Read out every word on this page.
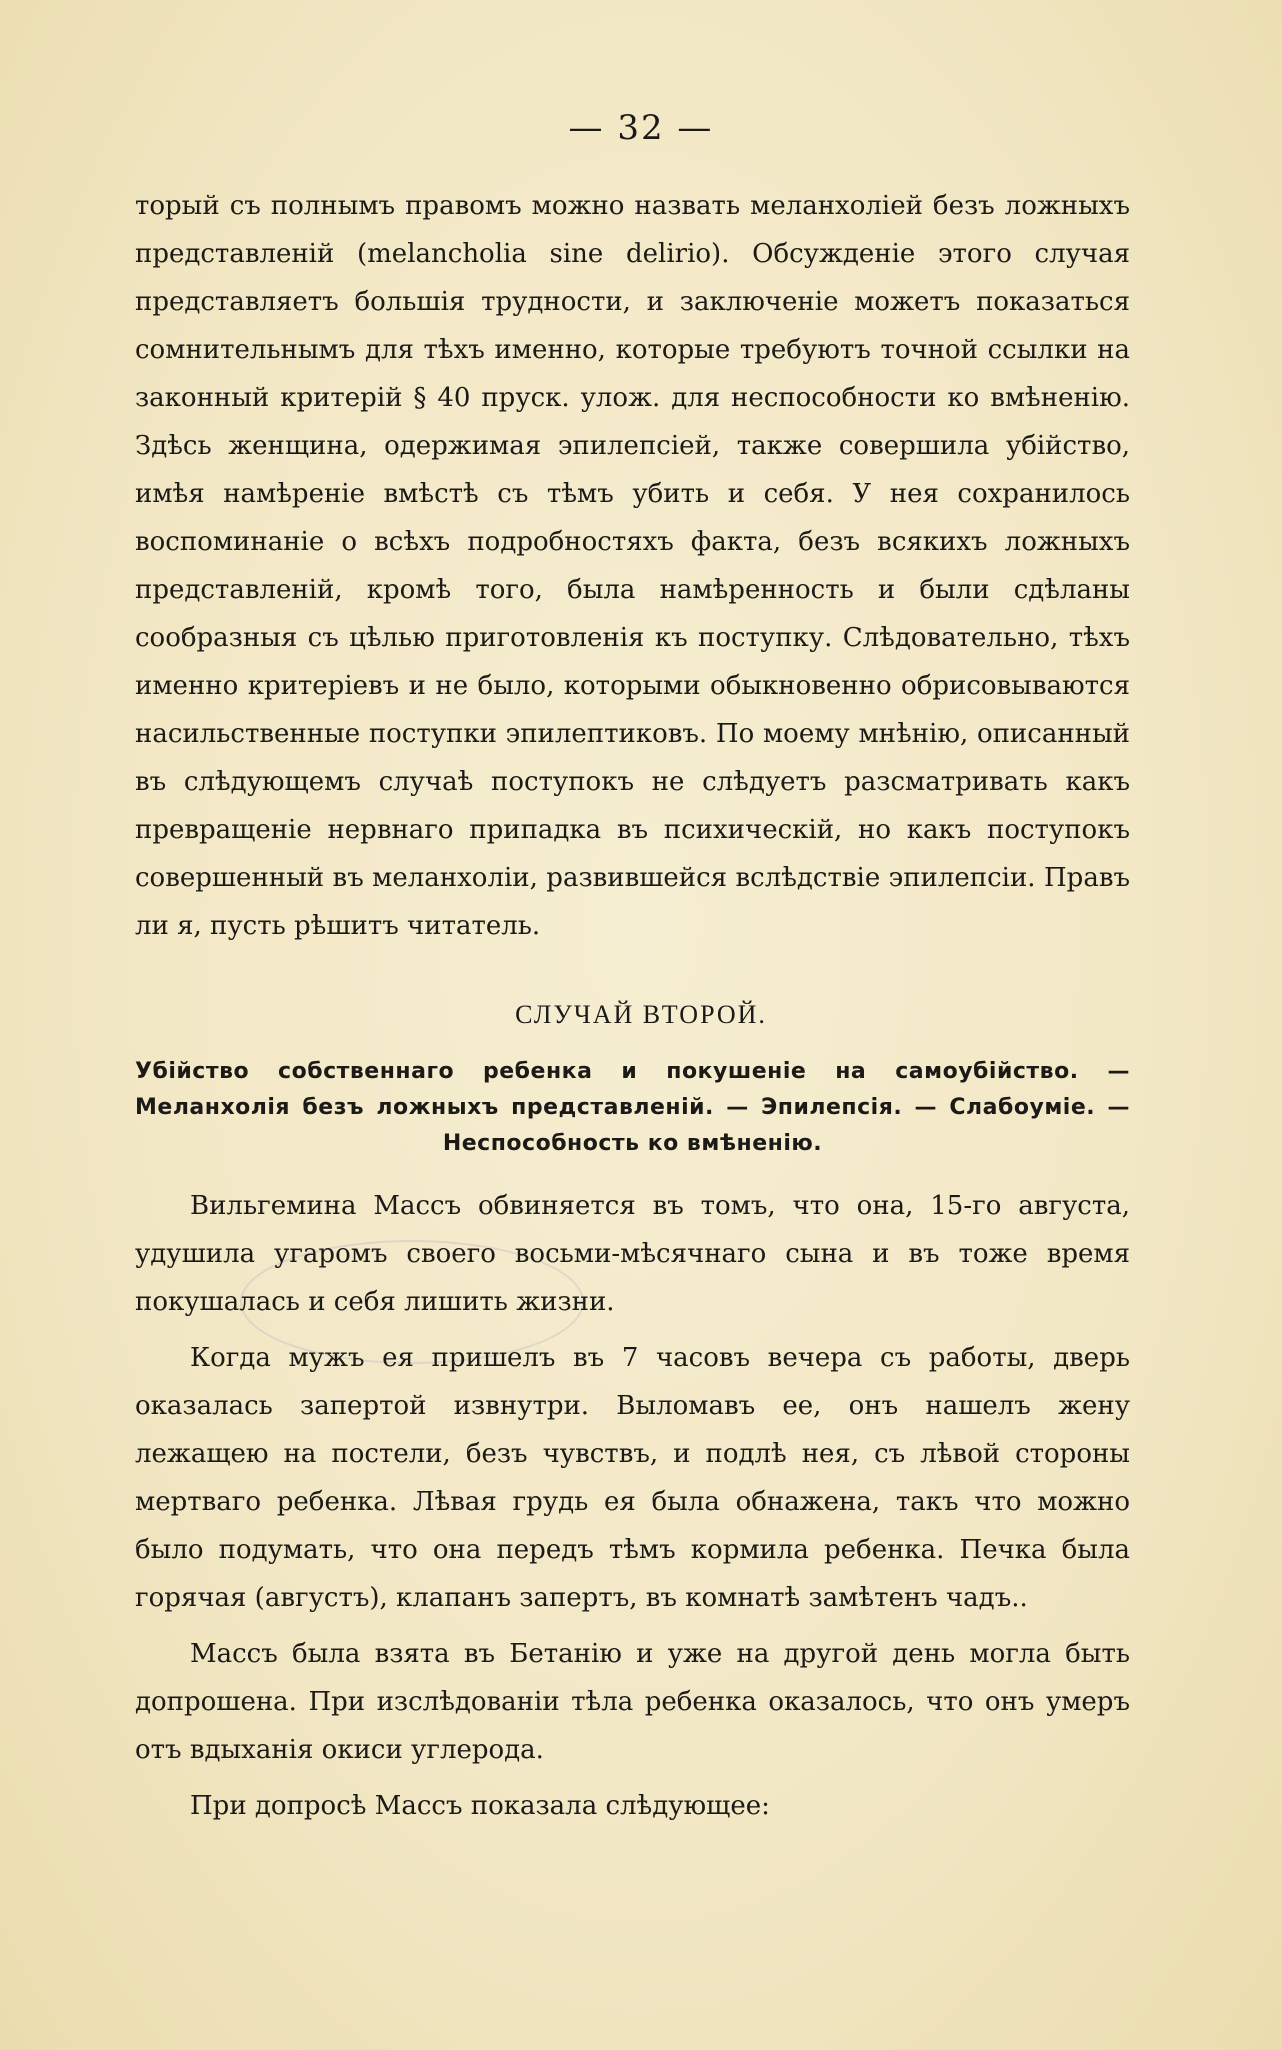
— 32 —

торый съ полнымъ правомъ можно назвать меланхоліей безъ ложныхъ представленій (melancholia sine delirio). Обсужденіе этого случая представляетъ большія трудности, и заключеніе можетъ показаться сомнительнымъ для тѣхъ именно, которые требуютъ точной ссылки на законный критерій § 40 пруск. улож. для неспособности ко вмѣненію. Здѣсь женщина, одержимая эпилепсіей, также совершила убійство, имѣя намѣреніе вмѣстѣ съ тѣмъ убить и себя. У нея сохранилось воспоминаніе о всѣхъ подробностяхъ факта, безъ всякихъ ложныхъ представленій, кромѣ того, была намѣренность и были сдѣланы сообразныя съ цѣлью приготовленія къ поступку. Слѣдовательно, тѣхъ именно критеріевъ и не было, которыми обыкновенно обрисовываются насильственные поступки эпилептиковъ. По моему мнѣнію, описанный въ слѣдующемъ случаѣ поступокъ не слѣдуетъ разсматривать какъ превращеніе нервнаго припадка въ психическій, но какъ поступокъ совершенный въ меланхоліи, развившейся вслѣдствіе эпилепсіи. Правъ ли я, пусть рѣшитъ читатель.

СЛУЧАЙ ВТОРОЙ.

Убійство собственнаго ребенка и покушеніе на самоубійство. — Меланхолія безъ ложныхъ представленій. — Эпилепсія. — Слабоуміе. — Неспособность ко вмѣненію.

Вильгемина Массъ обвиняется въ томъ, что она, 15-го августа, удушила угаромъ своего восьми-мѣсячнаго сына и въ тоже время покушалась и себя лишить жизни.

Когда мужъ ея пришелъ въ 7 часовъ вечера съ работы, дверь оказалась запертой извнутри. Выломавъ ее, онъ нашелъ жену лежащею на постели, безъ чувствъ, и подлѣ нея, съ лѣвой стороны мертваго ребенка. Лѣвая грудь ея была обнажена, такъ что можно было подумать, что она передъ тѣмъ кормила ребенка. Печка была горячая (августъ), клапанъ запертъ, въ комнатѣ замѣтенъ чадъ..

Массъ была взята въ Бетанію и уже на другой день могла быть допрошена. При изслѣдованіи тѣла ребенка оказалось, что онъ умеръ отъ вдыханія окиси углерода.

При допросѣ Массъ показала слѣдующее:
